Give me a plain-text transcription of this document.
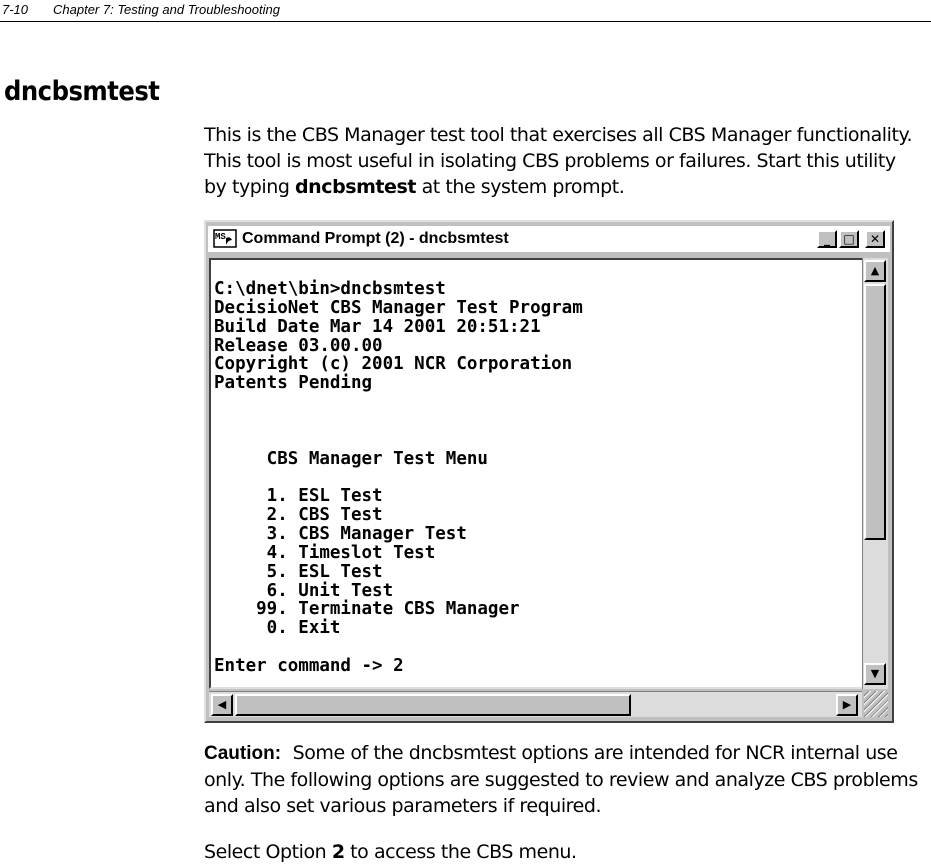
7-10 Chapter 7: Testing and Troubleshooting
dncbsmtest
This is the CBS Manager test tool that exercises all CBS Manager functionality. This tool is most useful in isolating CBS problems or failures. Start this utility by typing dncbsmtest at the system prompt.
MS Command Prompt (2) - dncbsmtest	_	□	✕
C:\dnet\bin>dncbsmtest
DecisioNet CBS Manager Test Program
Build Date Mar 14 2001 20:51:21
Release 03.00.00
Copyright (c) 2001 NCR Corporation
Patents Pending

CBS Manager Test Menu

1. ESL Test
2. CBS Test
3. CBS Manager Test
4. Timeslot Test
5. ESL Test
6. Unit Test
99. Terminate CBS Manager
0. Exit

Enter command -> 2
▲
▼
◀	▶
Caution: Some of the dncbsmtest options are intended for NCR internal use only. The following options are suggested to review and analyze CBS problems and also set various parameters if required.
Select Option 2 to access the CBS menu.
